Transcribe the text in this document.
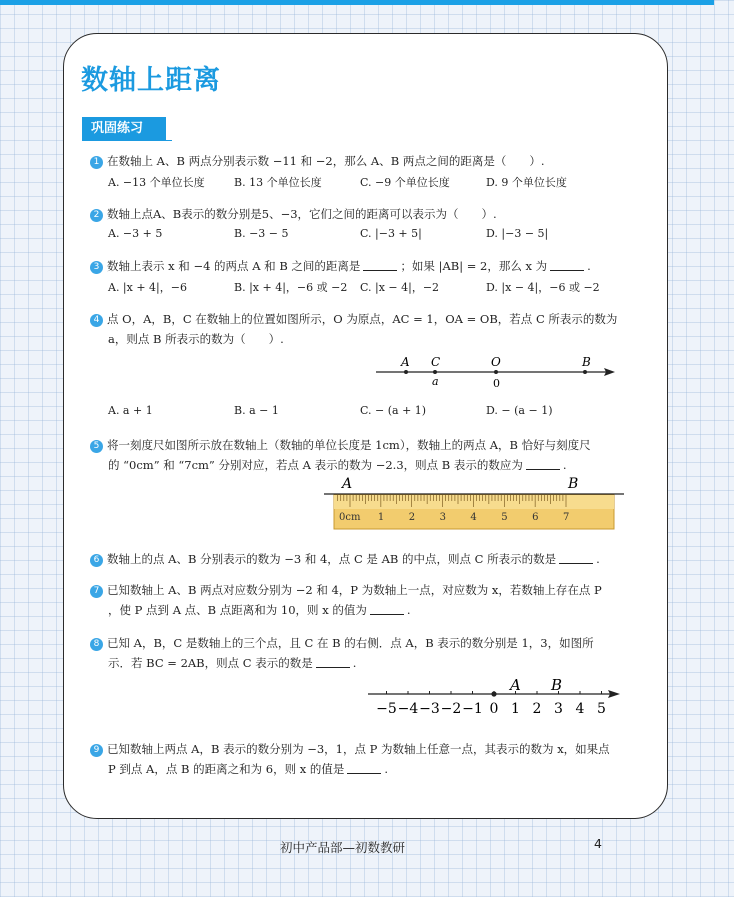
数轴上距离
巩固练习
1 在数轴上 A、B 两点分别表示数 −11 和 −2，那么 A、B 两点之间的距离是（　　）.
A. −13 个单位长度	B. 13 个单位长度	C. −9 个单位长度	D. 9 个单位长度
2 数轴上点A、B表示的数分别是5、−3，它们之间的距离可以表示为（　　）.
A. −3 + 5	B. −3 − 5	C. |−3 + 5|	D. |−3 − 5|
3 数轴上表示 x 和 −4 的两点 A 和 B 之间的距离是	；如果 |AB| = 2，那么 x 为	.
A. |x + 4|，−6	B. |x + 4|，−6 或 −2 C. |x − 4|，−2	D. |x − 4|，−6 或 −2
4 点 O，A，B，C 在数轴上的位置如图所示，O 为原点，AC = 1，OA = OB，若点 C 所表示的数为
a，则点 B 所表示的数为（　　）.
A C	O	B
a	0
A. a + 1	B. a − 1	C. − (a + 1)	D. − (a − 1)
5 将一刻度尺如图所示放在数轴上（数轴的单位长度是 1cm），数轴上的两点 A，B 恰好与刻度尺
的 “0cm” 和 “7cm” 分别对应，若点 A 表示的数为 −2.3，则点 B 表示的数应为	.
A	B
0cm 1 2 3 4 5 6 7
6 数轴上的点 A、B 分别表示的数为 −3 和 4，点 C 是 AB 的中点，则点 C 所表示的数是	.
7 已知数轴上 A、B 两点对应数分别为 −2 和 4，P 为数轴上一点，对应数为 x，若数轴上存在点 P
，使 P 点到 A 点、B 点距离和为 10，则 x 的值为	.
8 已知 A，B，C 是数轴上的三个点，且 C 在 B 的右侧．点 A，B 表示的数分别是 1，3，如图所
示．若 BC = 2AB，则点 C 表示的数是	.
−5 −4 −3 −2 −1 0 1 2 3 4 5
A B
9 已知数轴上两点 A，B 表示的数分别为 −3，1，点 P 为数轴上任意一点，其表示的数为 x，如果点
P 到点 A，点 B 的距离之和为 6，则 x 的值是	.
初中产品部—初数教研	4
